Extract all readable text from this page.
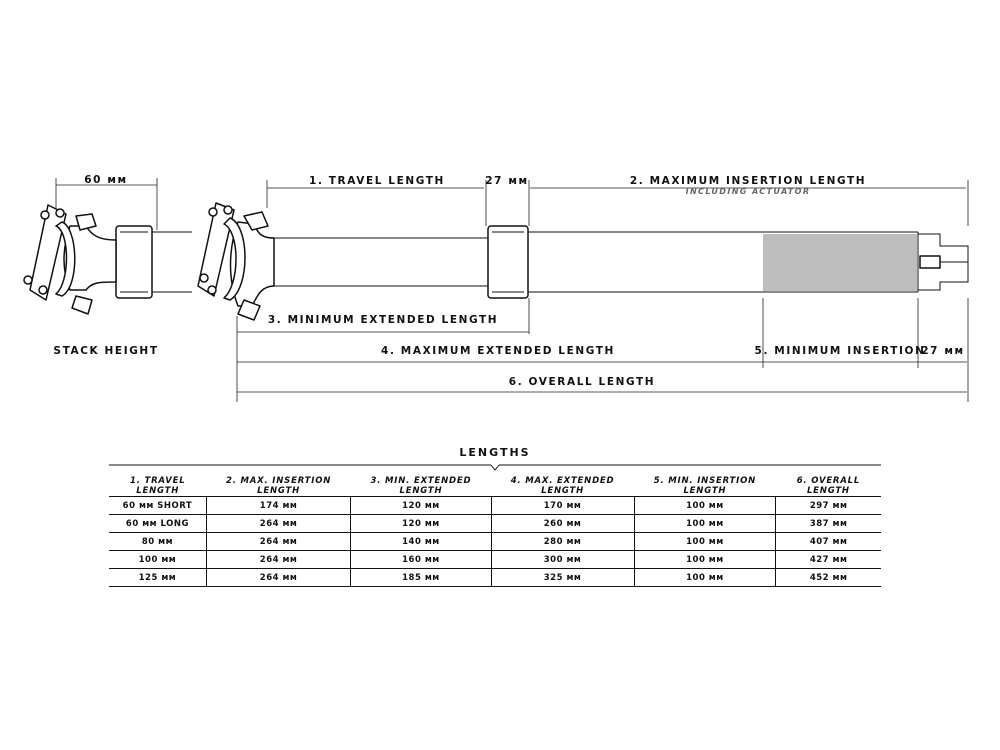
60 мм
STACK HEIGHT
1. TRAVEL LENGTH	27 мм	2. MAXIMUM INSERTION LENGTH
INCLUDING ACTUATOR
3. MINIMUM EXTENDED LENGTH
4. MAXIMUM EXTENDED LENGTH	5. MINIMUM INSERTION
27 мм
6. OVERALL LENGTH
LENGTHS
1. TRAVEL LENGTH	2. MAX. INSERTION LENGTH	3. MIN. EXTENDED LENGTH	4. MAX. EXTENDED LENGTH	5. MIN. INSERTION LENGTH	6. OVERALL LENGTH
60 мм SHORT	174 мм	120 мм	170 мм	100 мм	297 мм
60 мм LONG	264 мм	120 мм	260 мм	100 мм	387 мм
80 мм	264 мм	140 мм	280 мм	100 мм	407 мм
100 мм	264 мм	160 мм	300 мм	100 мм	427 мм
125 мм	264 мм	185 мм	325 мм	100 мм	452 мм
